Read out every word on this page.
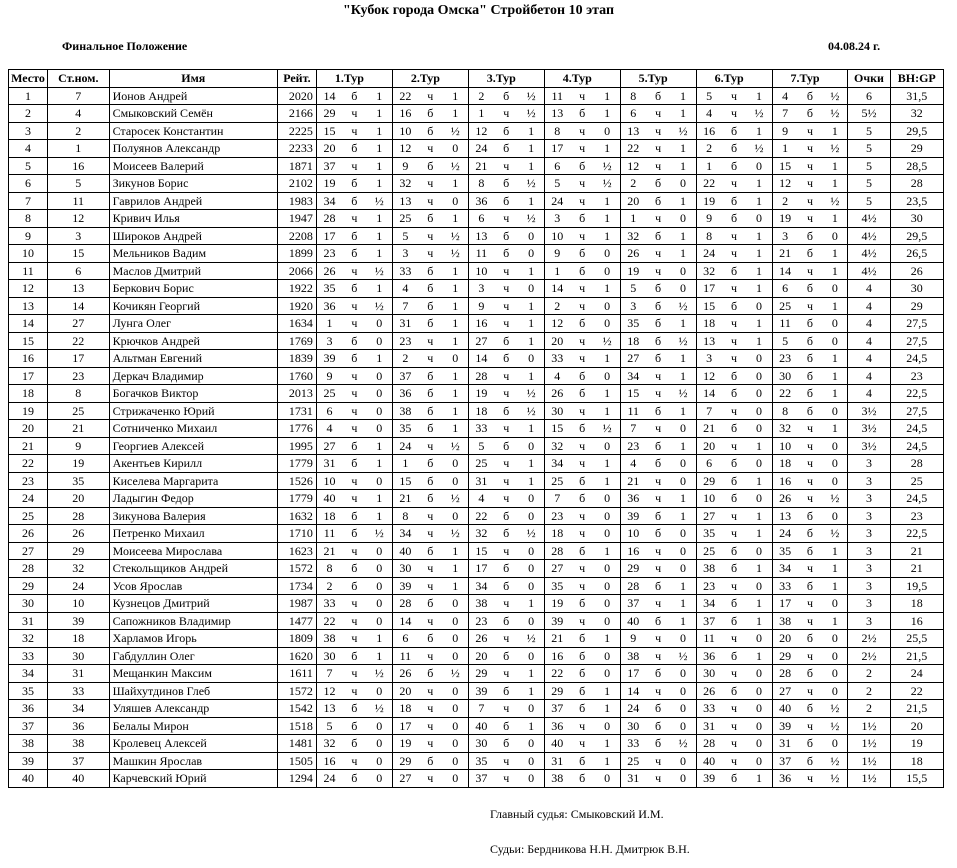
"Кубок города Омска" Стройбетон 10 этап
Финальное Положение	04.08.24 г.
Место	Ст.ном.	Имя	Рейт.	1.Тур			2.Тур			3.Тур			4.Тур			5.Тур			6.Тур			7.Тур			Очки	BH:GP
1	7	Ионов Андрей	2020	14	б	1	22	ч	1	2	б	½	11	ч	1	8	б	1	5	ч	1	4	б	½	6	31,5
2	4	Смыковский Семён	2166	29	ч	1	16	б	1	1	ч	½	13	б	1	6	ч	1	4	ч	½	7	б	½	5½	32
3	2	Старосек Константин	2225	15	ч	1	10	б	½	12	б	1	8	ч	0	13	ч	½	16	б	1	9	ч	1	5	29,5
4	1	Полуянов Александр	2233	20	б	1	12	ч	0	24	б	1	17	ч	1	22	ч	1	2	б	½	1	ч	½	5	29
5	16	Моисеев Валерий	1871	37	ч	1	9	б	½	21	ч	1	6	б	½	12	ч	1	1	б	0	15	ч	1	5	28,5
6	5	Зикунов Борис	2102	19	б	1	32	ч	1	8	б	½	5	ч	½	2	б	0	22	ч	1	12	ч	1	5	28
7	11	Гаврилов Андрей	1983	34	б	½	13	ч	0	36	б	1	24	ч	1	20	б	1	19	б	1	2	ч	½	5	23,5
8	12	Кривич Илья	1947	28	ч	1	25	б	1	6	ч	½	3	б	1	1	ч	0	9	б	0	19	ч	1	4½	30
9	3	Широков Андрей	2208	17	б	1	5	ч	½	13	б	0	10	ч	1	32	б	1	8	ч	1	3	б	0	4½	29,5
10	15	Мельников Вадим	1899	23	б	1	3	ч	½	11	б	0	9	б	0	26	ч	1	24	ч	1	21	б	1	4½	26,5
11	6	Маслов Дмитрий	2066	26	ч	½	33	б	1	10	ч	1	1	б	0	19	ч	0	32	б	1	14	ч	1	4½	26
12	13	Беркович Борис	1922	35	б	1	4	б	1	3	ч	0	14	ч	1	5	б	0	17	ч	1	6	б	0	4	30
13	14	Кочикян Георгий	1920	36	ч	½	7	б	1	9	ч	1	2	ч	0	3	б	½	15	б	0	25	ч	1	4	29
14	27	Лунга Олег	1634	1	ч	0	31	б	1	16	ч	1	12	б	0	35	б	1	18	ч	1	11	б	0	4	27,5
15	22	Крючков Андрей	1769	3	б	0	23	ч	1	27	б	1	20	ч	½	18	б	½	13	ч	1	5	б	0	4	27,5
16	17	Альтман Евгений	1839	39	б	1	2	ч	0	14	б	0	33	ч	1	27	б	1	3	ч	0	23	б	1	4	24,5
17	23	Деркач Владимир	1760	9	ч	0	37	б	1	28	ч	1	4	б	0	34	ч	1	12	б	0	30	б	1	4	23
18	8	Богачков Виктор	2013	25	ч	0	36	б	1	19	ч	½	26	б	1	15	ч	½	14	б	0	22	б	1	4	22,5
19	25	Стрижаченко Юрий	1731	6	ч	0	38	б	1	18	б	½	30	ч	1	11	б	1	7	ч	0	8	б	0	3½	27,5
20	21	Сотниченко Михаил	1776	4	ч	0	35	б	1	33	ч	1	15	б	½	7	ч	0	21	б	0	32	ч	1	3½	24,5
21	9	Георгиев Алексей	1995	27	б	1	24	ч	½	5	б	0	32	ч	0	23	б	1	20	ч	1	10	ч	0	3½	24,5
22	19	Акентьев Кирилл	1779	31	б	1	1	б	0	25	ч	1	34	ч	1	4	б	0	6	б	0	18	ч	0	3	28
23	35	Киселева Маргарита	1526	10	ч	0	15	б	0	31	ч	1	25	б	1	21	ч	0	29	б	1	16	ч	0	3	25
24	20	Ладыгин Федор	1779	40	ч	1	21	б	½	4	ч	0	7	б	0	36	ч	1	10	б	0	26	ч	½	3	24,5
25	28	Зикунова Валерия	1632	18	б	1	8	ч	0	22	б	0	23	ч	0	39	б	1	27	ч	1	13	б	0	3	23
26	26	Петренко Михаил	1710	11	б	½	34	ч	½	32	б	½	18	ч	0	10	б	0	35	ч	1	24	б	½	3	22,5
27	29	Моисеева Мирослава	1623	21	ч	0	40	б	1	15	ч	0	28	б	1	16	ч	0	25	б	0	35	б	1	3	21
28	32	Стекольщиков Андрей	1572	8	б	0	30	ч	1	17	б	0	27	ч	0	29	ч	0	38	б	1	34	ч	1	3	21
29	24	Усов Ярослав	1734	2	б	0	39	ч	1	34	б	0	35	ч	0	28	б	1	23	ч	0	33	б	1	3	19,5
30	10	Кузнецов Дмитрий	1987	33	ч	0	28	б	0	38	ч	1	19	б	0	37	ч	1	34	б	1	17	ч	0	3	18
31	39	Сапожников Владимир	1477	22	ч	0	14	ч	0	23	б	0	39	ч	0	40	б	1	37	б	1	38	ч	1	3	16
32	18	Харламов Игорь	1809	38	ч	1	6	б	0	26	ч	½	21	б	1	9	ч	0	11	ч	0	20	б	0	2½	25,5
33	30	Габдуллин Олег	1620	30	б	1	11	ч	0	20	б	0	16	б	0	38	ч	½	36	б	1	29	ч	0	2½	21,5
34	31	Мещанкин Максим	1611	7	ч	½	26	б	½	29	ч	1	22	б	0	17	б	0	30	ч	0	28	б	0	2	24
35	33	Шайхутдинов Глеб	1572	12	ч	0	20	ч	0	39	б	1	29	б	1	14	ч	0	26	б	0	27	ч	0	2	22
36	34	Уляшев Александр	1542	13	б	½	18	ч	0	7	ч	0	37	б	1	24	б	0	33	ч	0	40	б	½	2	21,5
37	36	Белалы Мирон	1518	5	б	0	17	ч	0	40	б	1	36	ч	0	30	б	0	31	ч	0	39	ч	½	1½	20
38	38	Кролевец Алексей	1481	32	б	0	19	ч	0	30	б	0	40	ч	1	33	б	½	28	ч	0	31	б	0	1½	19
39	37	Машкин Ярослав	1505	16	ч	0	29	б	0	35	ч	0	31	б	1	25	ч	0	40	ч	0	37	б	½	1½	18
40	40	Карчевский Юрий	1294	24	б	0	27	ч	0	37	ч	0	38	б	0	31	ч	0	39	б	1	36	ч	½	1½	15,5
Главный судья: Смыковский И.М.
Судьи: Бердникова Н.Н. Дмитрюк В.Н.
